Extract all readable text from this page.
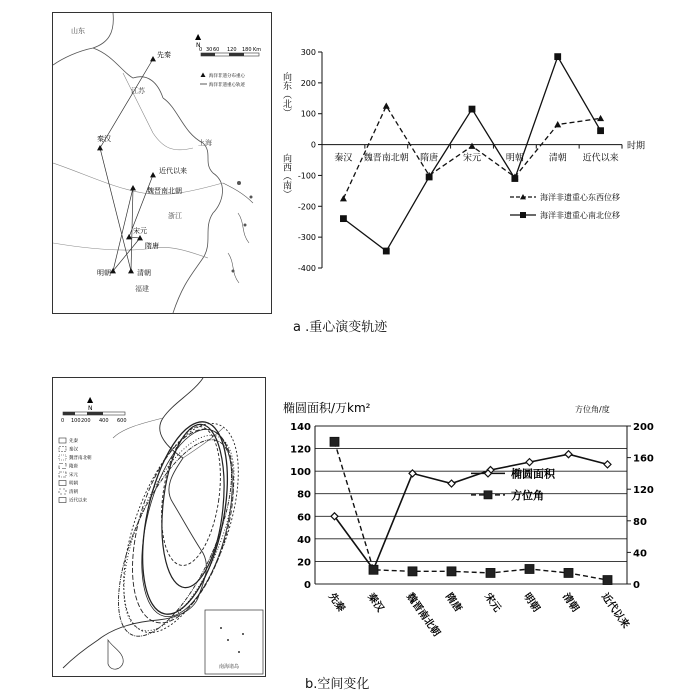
▲
N
0 30 60 120 180 Km
海洋非遗分布重心
海洋非遗重心轨迹
山东
江苏
上海
浙江
福建
先秦
秦汉
魏晋南北朝
隋唐
宋元
明朝	清朝
近代以来
300
200
100
0
-100
-200
-300
-400
秦汉 魏晋南北朝 隋唐	宋元	明朝	清朝 近代以来
时期
向东（北）
向西（南）	海洋非遗重心东西位移
海洋非遗重心南北位移
a .重心演变轨迹
南海诸岛
▲
N
0 100 200 400 600
先秦
秦汉
魏晋南北朝
隋唐
宋元
明朝
清朝
近代以来
椭圆面积/万km²	方位角/度
0
20
40
60
80
100
120
140
0
40
80
120
160
200
先秦 秦汉 魏晋南北朝 隋唐 宋元 明朝 清朝 近代以来
椭圆面积
方位角
b.空间变化
